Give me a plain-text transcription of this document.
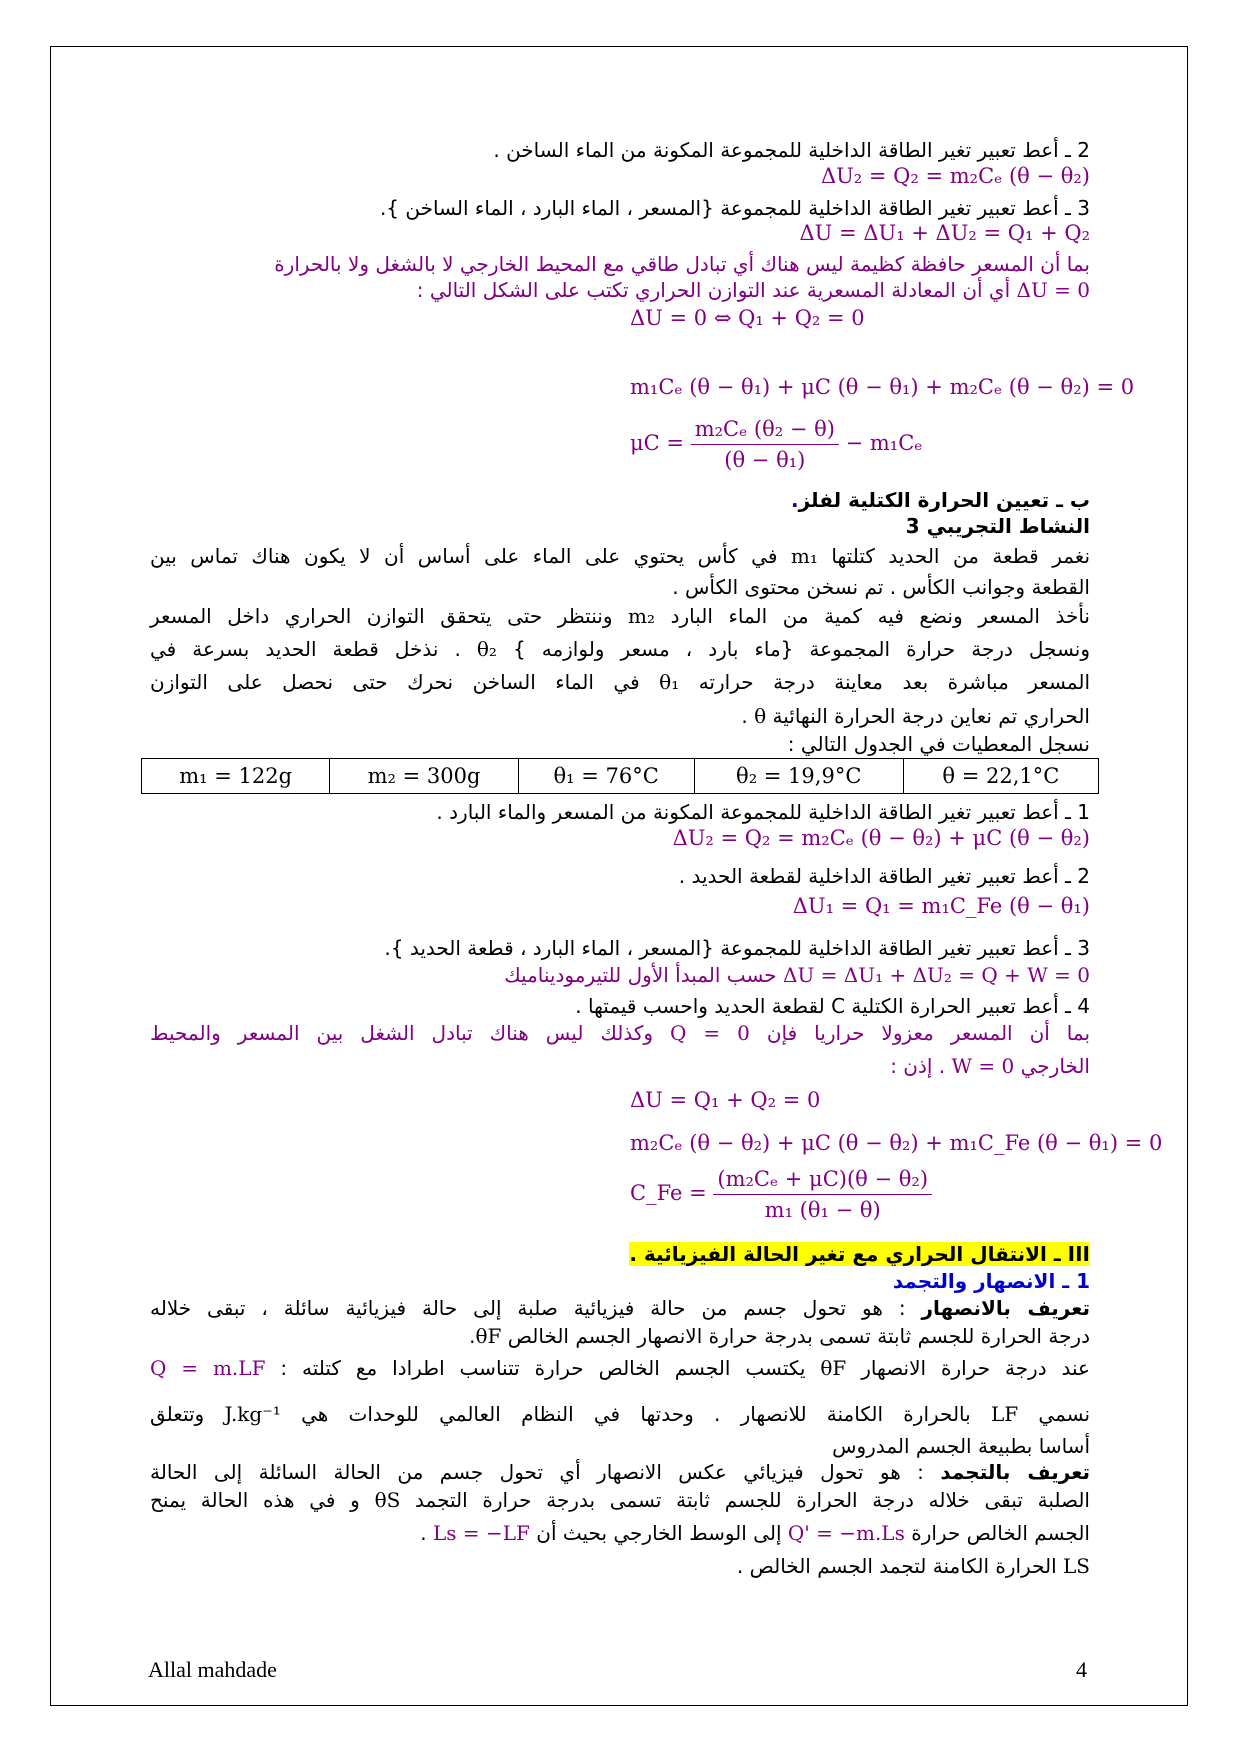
2 ـ أعط تعبير تغير الطاقة الداخلية للمجموعة المكونة من الماء الساخن .
ΔU₂ = Q₂ = m₂Cₑ (θ − θ₂)
3 ـ أعط تعبير تغير الطاقة الداخلية للمجموعة {المسعر ، الماء البارد ، الماء الساخن }.
ΔU = ΔU₁ + ΔU₂ = Q₁ + Q₂
بما أن المسعر حافظة كظيمة ليس هناك أي تبادل طاقي مع المحيط الخارجي لا بالشغل ولا بالحرارة
ΔU = 0 أي أن المعادلة المسعرية عند التوازن الحراري تكتب على الشكل التالي :
ΔU = 0 ⇔ Q₁ + Q₂ = 0
m₁Cₑ (θ − θ₁) + μC (θ − θ₁) + m₂Cₑ (θ − θ₂) = 0
$\mu C = \frac{\text{m₂Cₑ (θ₂ − θ)}}{\text{(θ − θ₁)}} - m_1C_e$
ب ـ تعيين الحرارة الكتلية لفلز.
النشاط التجريبي 3
نغمر قطعة من الحديد كتلتها m₁ في كأس يحتوي على الماء على أساس أن لا يكون هناك تماس بين
القطعة وجوانب الكأس . تم نسخن محتوى الكأس .
نأخذ المسعر ونضع فيه كمية من الماء البارد m₂ وننتظر حتى يتحقق التوازن الحراري داخل المسعر
ونسجل درجة حرارة المجموعة {ماء بارد ، مسعر ولوازمه } θ₂ . نذخل قطعة الحديد بسرعة في
المسعر مباشرة بعد معاينة درجة حرارته θ₁ في الماء الساخن نحرك حتى نحصل على التوازن
الحراري تم نعاين درجة الحرارة النهائية θ .
نسجل المعطيات في الجدول التالي :
m₁ = 122g	m₂ = 300g	θ₁ = 76°C	θ₂ = 19,9°C	θ = 22,1°C
1 ـ أعط تعبير تغير الطاقة الداخلية للمجموعة المكونة من المسعر والماء البارد .
ΔU₂ = Q₂ = m₂Cₑ (θ − θ₂) + μC (θ − θ₂)
2 ـ أعط تعبير تغير الطاقة الداخلية لقطعة الحديد .
ΔU₁ = Q₁ = m₁C_Fe (θ − θ₁)
3 ـ أعط تعبير تغير الطاقة الداخلية للمجموعة {المسعر ، الماء البارد ، قطعة الحديد }.
ΔU = ΔU₁ + ΔU₂ = Q + W = 0 حسب المبدأ الأول للتيرموديناميك
4 ـ أعط تعبير الحرارة الكتلية C لقطعة الحديد واحسب قيمتها .
بما أن المسعر معزولا حراريا فإن Q = 0 وكذلك ليس هناك تبادل الشغل بين المسعر والمحيط
الخارجي W = 0 . إذن :
ΔU = Q₁ + Q₂ = 0
m₂Cₑ (θ − θ₂) + μC (θ − θ₂) + m₁C_Fe (θ − θ₁) = 0
C_Fe = $\frac{\text{(m₂Cₑ + μC)(θ − θ₂)}}{\text{m₁ (θ₁ − θ)}}$
III ـ الانتقال الحراري مع تغير الحالة الفيزيائية .
1 ـ الانصهار والتجمد
تعريف بالانصهار : هو تحول جسم من حالة فيزيائية صلبة إلى حالة فيزيائية سائلة ، تبقى خلاله
درجة الحرارة للجسم ثابتة تسمى بدرجة حرارة الانصهار الجسم الخالص θF.
عند درجة حرارة الانصهار θF يكتسب الجسم الخالص حرارة تتناسب اطرادا مع كتلته : Q = m.LF
نسمي LF بالحرارة الكامنة للانصهار . وحدتها في النظام العالمي للوحدات هي J.kg⁻¹ وتتعلق
أساسا بطبيعة الجسم المدروس
تعريف بالتجمد : هو تحول فيزيائي عكس الانصهار أي تحول جسم من الحالة السائلة إلى الحالة
الصلبة تبقى خلاله درجة الحرارة للجسم ثابتة تسمى بدرجة حرارة التجمد θS و في هذه الحالة يمنح
الجسم الخالص حرارة Q' = −m.Ls إلى الوسط الخارجي بحيث أن Ls = −LF .
LS الحرارة الكامنة لتجمد الجسم الخالص .
Allal mahdade	4
